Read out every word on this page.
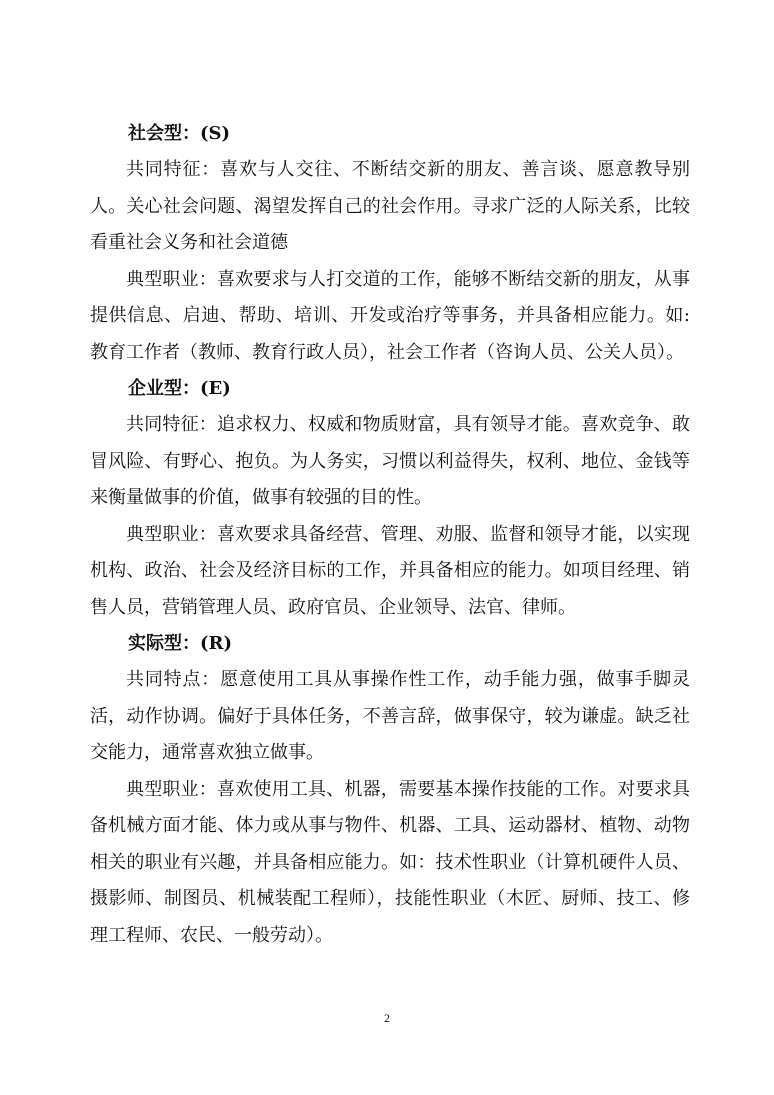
社会型：(S)

共同特征：喜欢与人交往、不断结交新的朋友、善言谈、愿意教导别人。关心社会问题、渴望发挥自己的社会作用。寻求广泛的人际关系，比较看重社会义务和社会道德

典型职业：喜欢要求与人打交道的工作，能够不断结交新的朋友，从事提供信息、启迪、帮助、培训、开发或治疗等事务，并具备相应能力。如: 教育工作者（教师、教育行政人员），社会工作者（咨询人员、公关人员）。

企业型：(E)

共同特征：追求权力、权威和物质财富，具有领导才能。喜欢竞争、敢冒风险、有野心、抱负。为人务实，习惯以利益得失，权利、地位、金钱等来衡量做事的价值，做事有较强的目的性。

典型职业：喜欢要求具备经营、管理、劝服、监督和领导才能，以实现机构、政治、社会及经济目标的工作，并具备相应的能力。如项目经理、销售人员，营销管理人员、政府官员、企业领导、法官、律师。

实际型：(R)

共同特点：愿意使用工具从事操作性工作，动手能力强，做事手脚灵活，动作协调。偏好于具体任务，不善言辞，做事保守，较为谦虚。缺乏社交能力，通常喜欢独立做事。

典型职业：喜欢使用工具、机器，需要基本操作技能的工作。对要求具备机械方面才能、体力或从事与物件、机器、工具、运动器材、植物、动物相关的职业有兴趣，并具备相应能力。如：技术性职业（计算机硬件人员、摄影师、制图员、机械装配工程师），技能性职业（木匠、厨师、技工、修理工程师、农民、一般劳动）。

2
